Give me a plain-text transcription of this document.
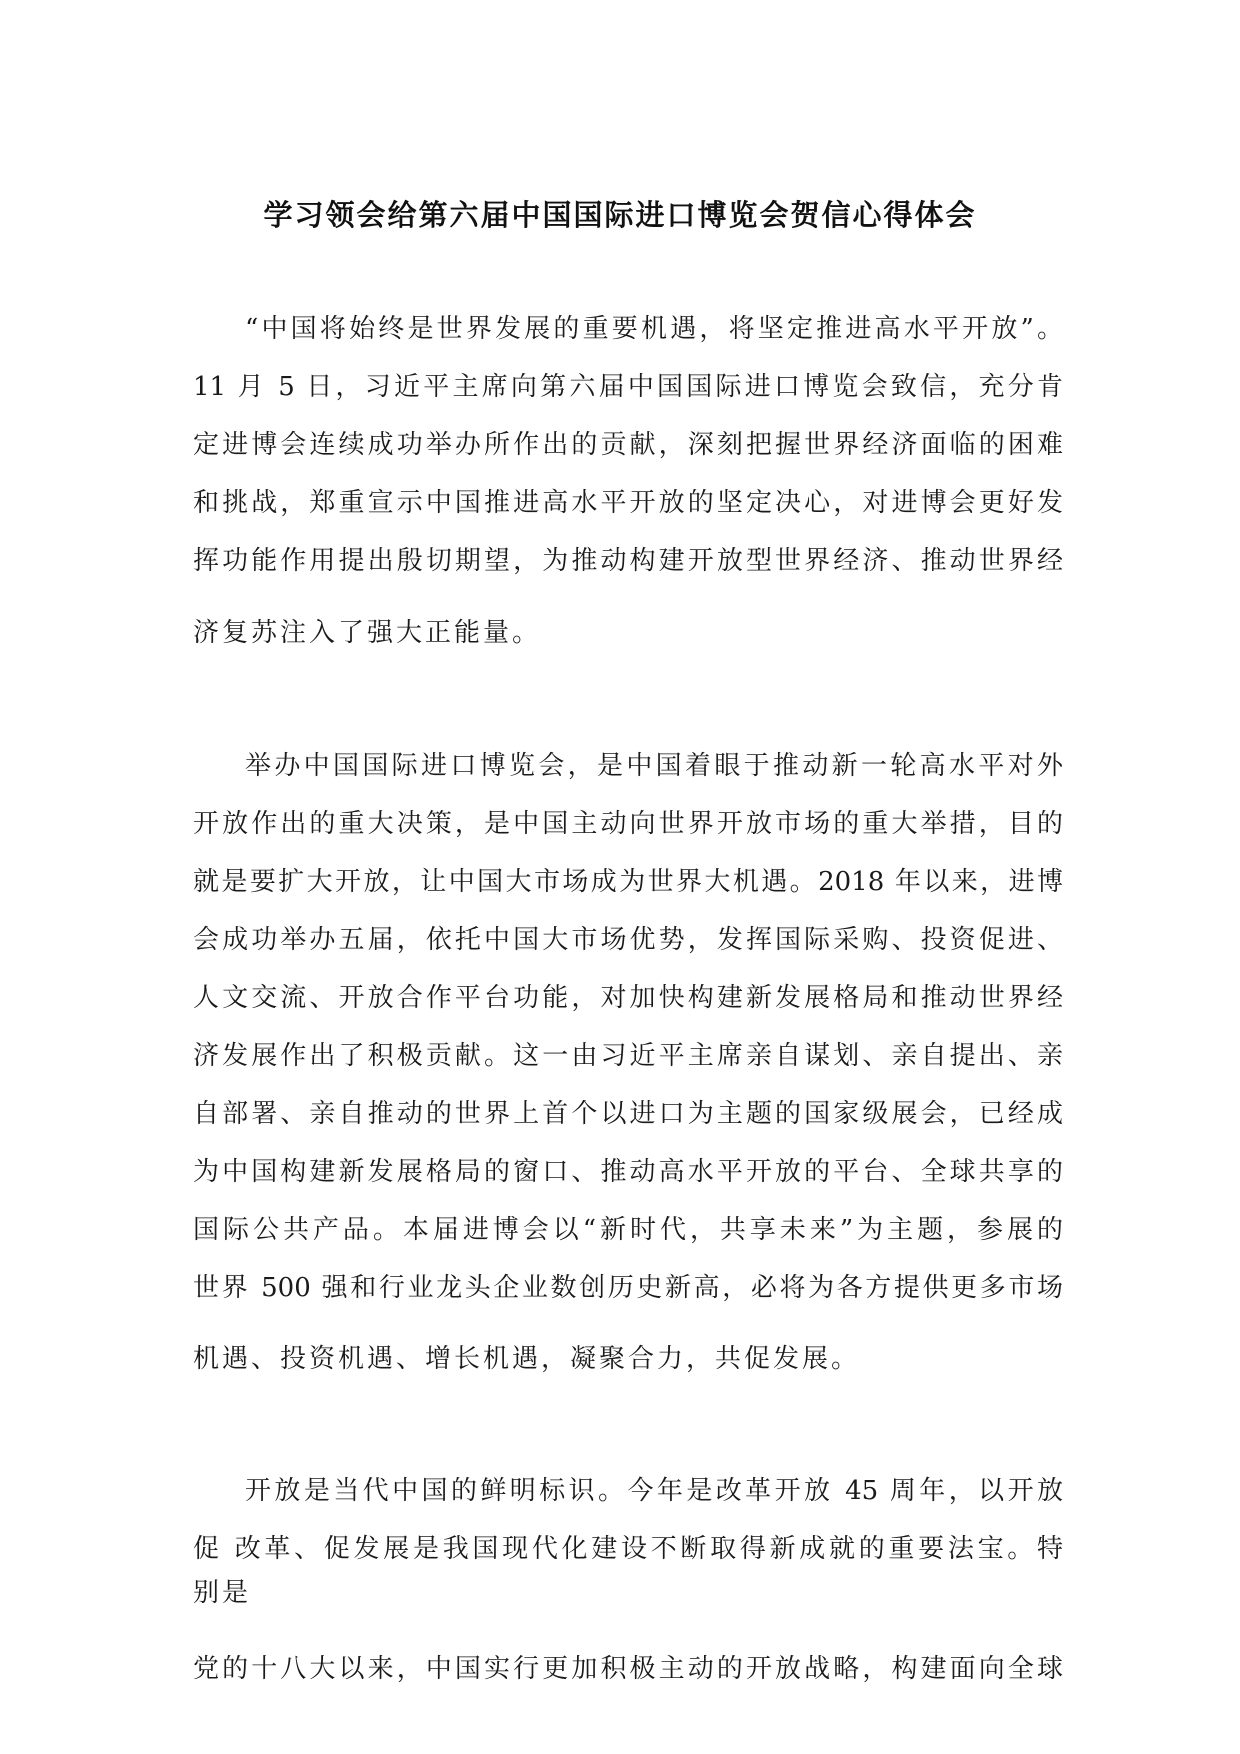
学习领会给第六届中国国际进口博览会贺信心得体会
“中国将始终是世界发展的重要机遇，将坚定推进高水平开放”。
11 月 5 日，习近平主席向第六届中国国际进口博览会致信，充分肯
定进博会连续成功举办所作出的贡献，深刻把握世界经济面临的困难
和挑战，郑重宣示中国推进高水平开放的坚定决心，对进博会更好发
挥功能作用提出殷切期望，为推动构建开放型世界经济、推动世界经
济复苏注入了强大正能量。
举办中国国际进口博览会，是中国着眼于推动新一轮高水平对外
开放作出的重大决策，是中国主动向世界开放市场的重大举措，目的
就是要扩大开放，让中国大市场成为世界大机遇。2018 年以来，进博
会成功举办五届，依托中国大市场优势，发挥国际采购、投资促进、
人文交流、开放合作平台功能，对加快构建新发展格局和推动世界经
济发展作出了积极贡献。这一由习近平主席亲自谋划、亲自提出、亲
自部署、亲自推动的世界上首个以进口为主题的国家级展会，已经成
为中国构建新发展格局的窗口、推动高水平开放的平台、全球共享的
国际公共产品。本届进博会以“新时代，共享未来”为主题，参展的
世界 500 强和行业龙头企业数创历史新高，必将为各方提供更多市场
机遇、投资机遇、增长机遇，凝聚合力，共促发展。
开放是当代中国的鲜明标识。今年是改革开放 45 周年，以开放
促 改革、促发展是我国现代化建设不断取得新成就的重要法宝。特
别是
党的十八大以来，中国实行更加积极主动的开放战略，构建面向全球
